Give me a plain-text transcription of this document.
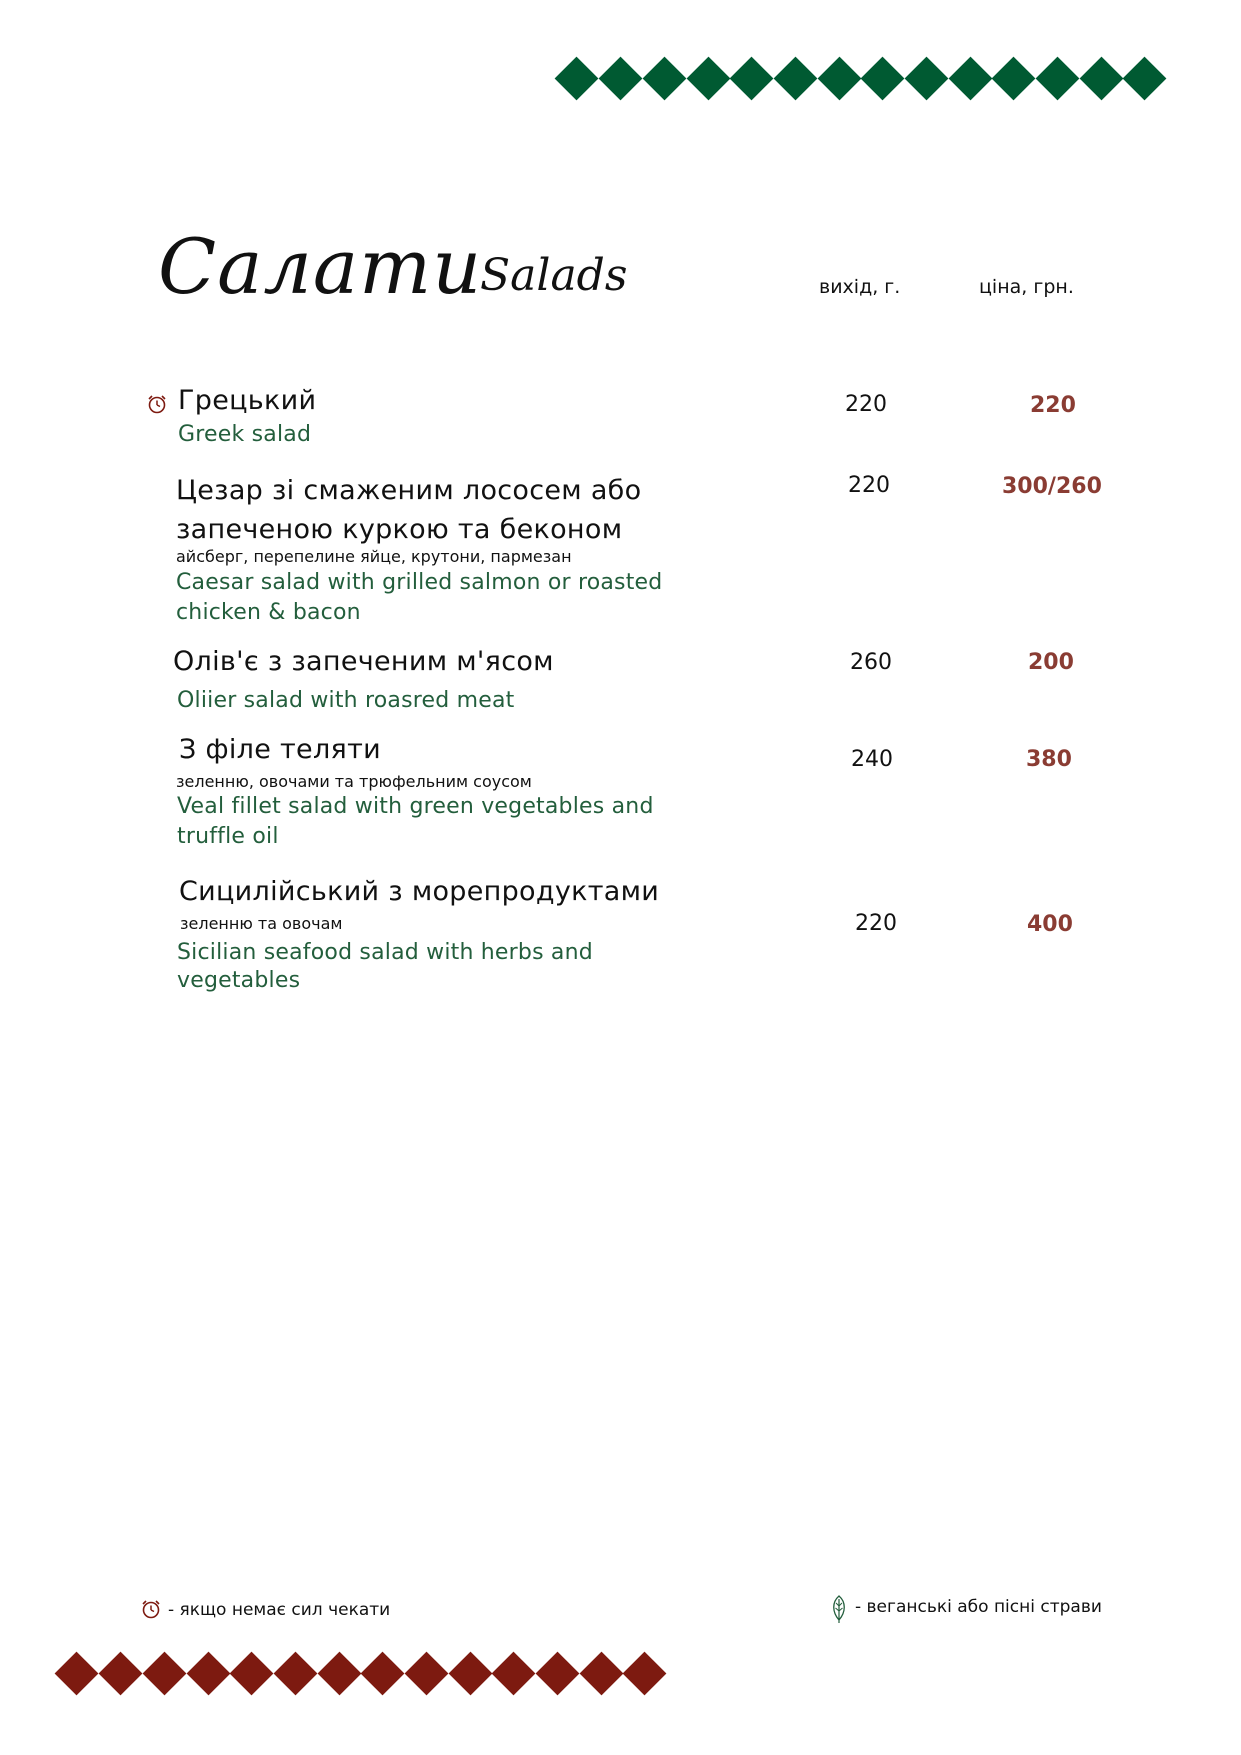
Салати
Salads	вихід, г.	ціна, грн.
Грецький
Greek salad
220	220
Цезар зі смаженим лососем або
запеченою куркою та беконом
айсберг, перепелине яйце, крутони, пармезан
Caesar salad with grilled salmon or roasted
chicken & bacon
220	300/260
Олів'є з запеченим м'ясом
Oliier salad with roasred meat
260	200
З філе теляти
зеленню, овочами та трюфельним соусом
Veal fillet salad with green vegetables and
truffle oil
240	380
Сицилійський з морепродуктами
зеленню та овочам
Sicilian seafood salad with herbs and
vegetables
220	400
- якщо немає сил чекати	- веганські або пісні страви
